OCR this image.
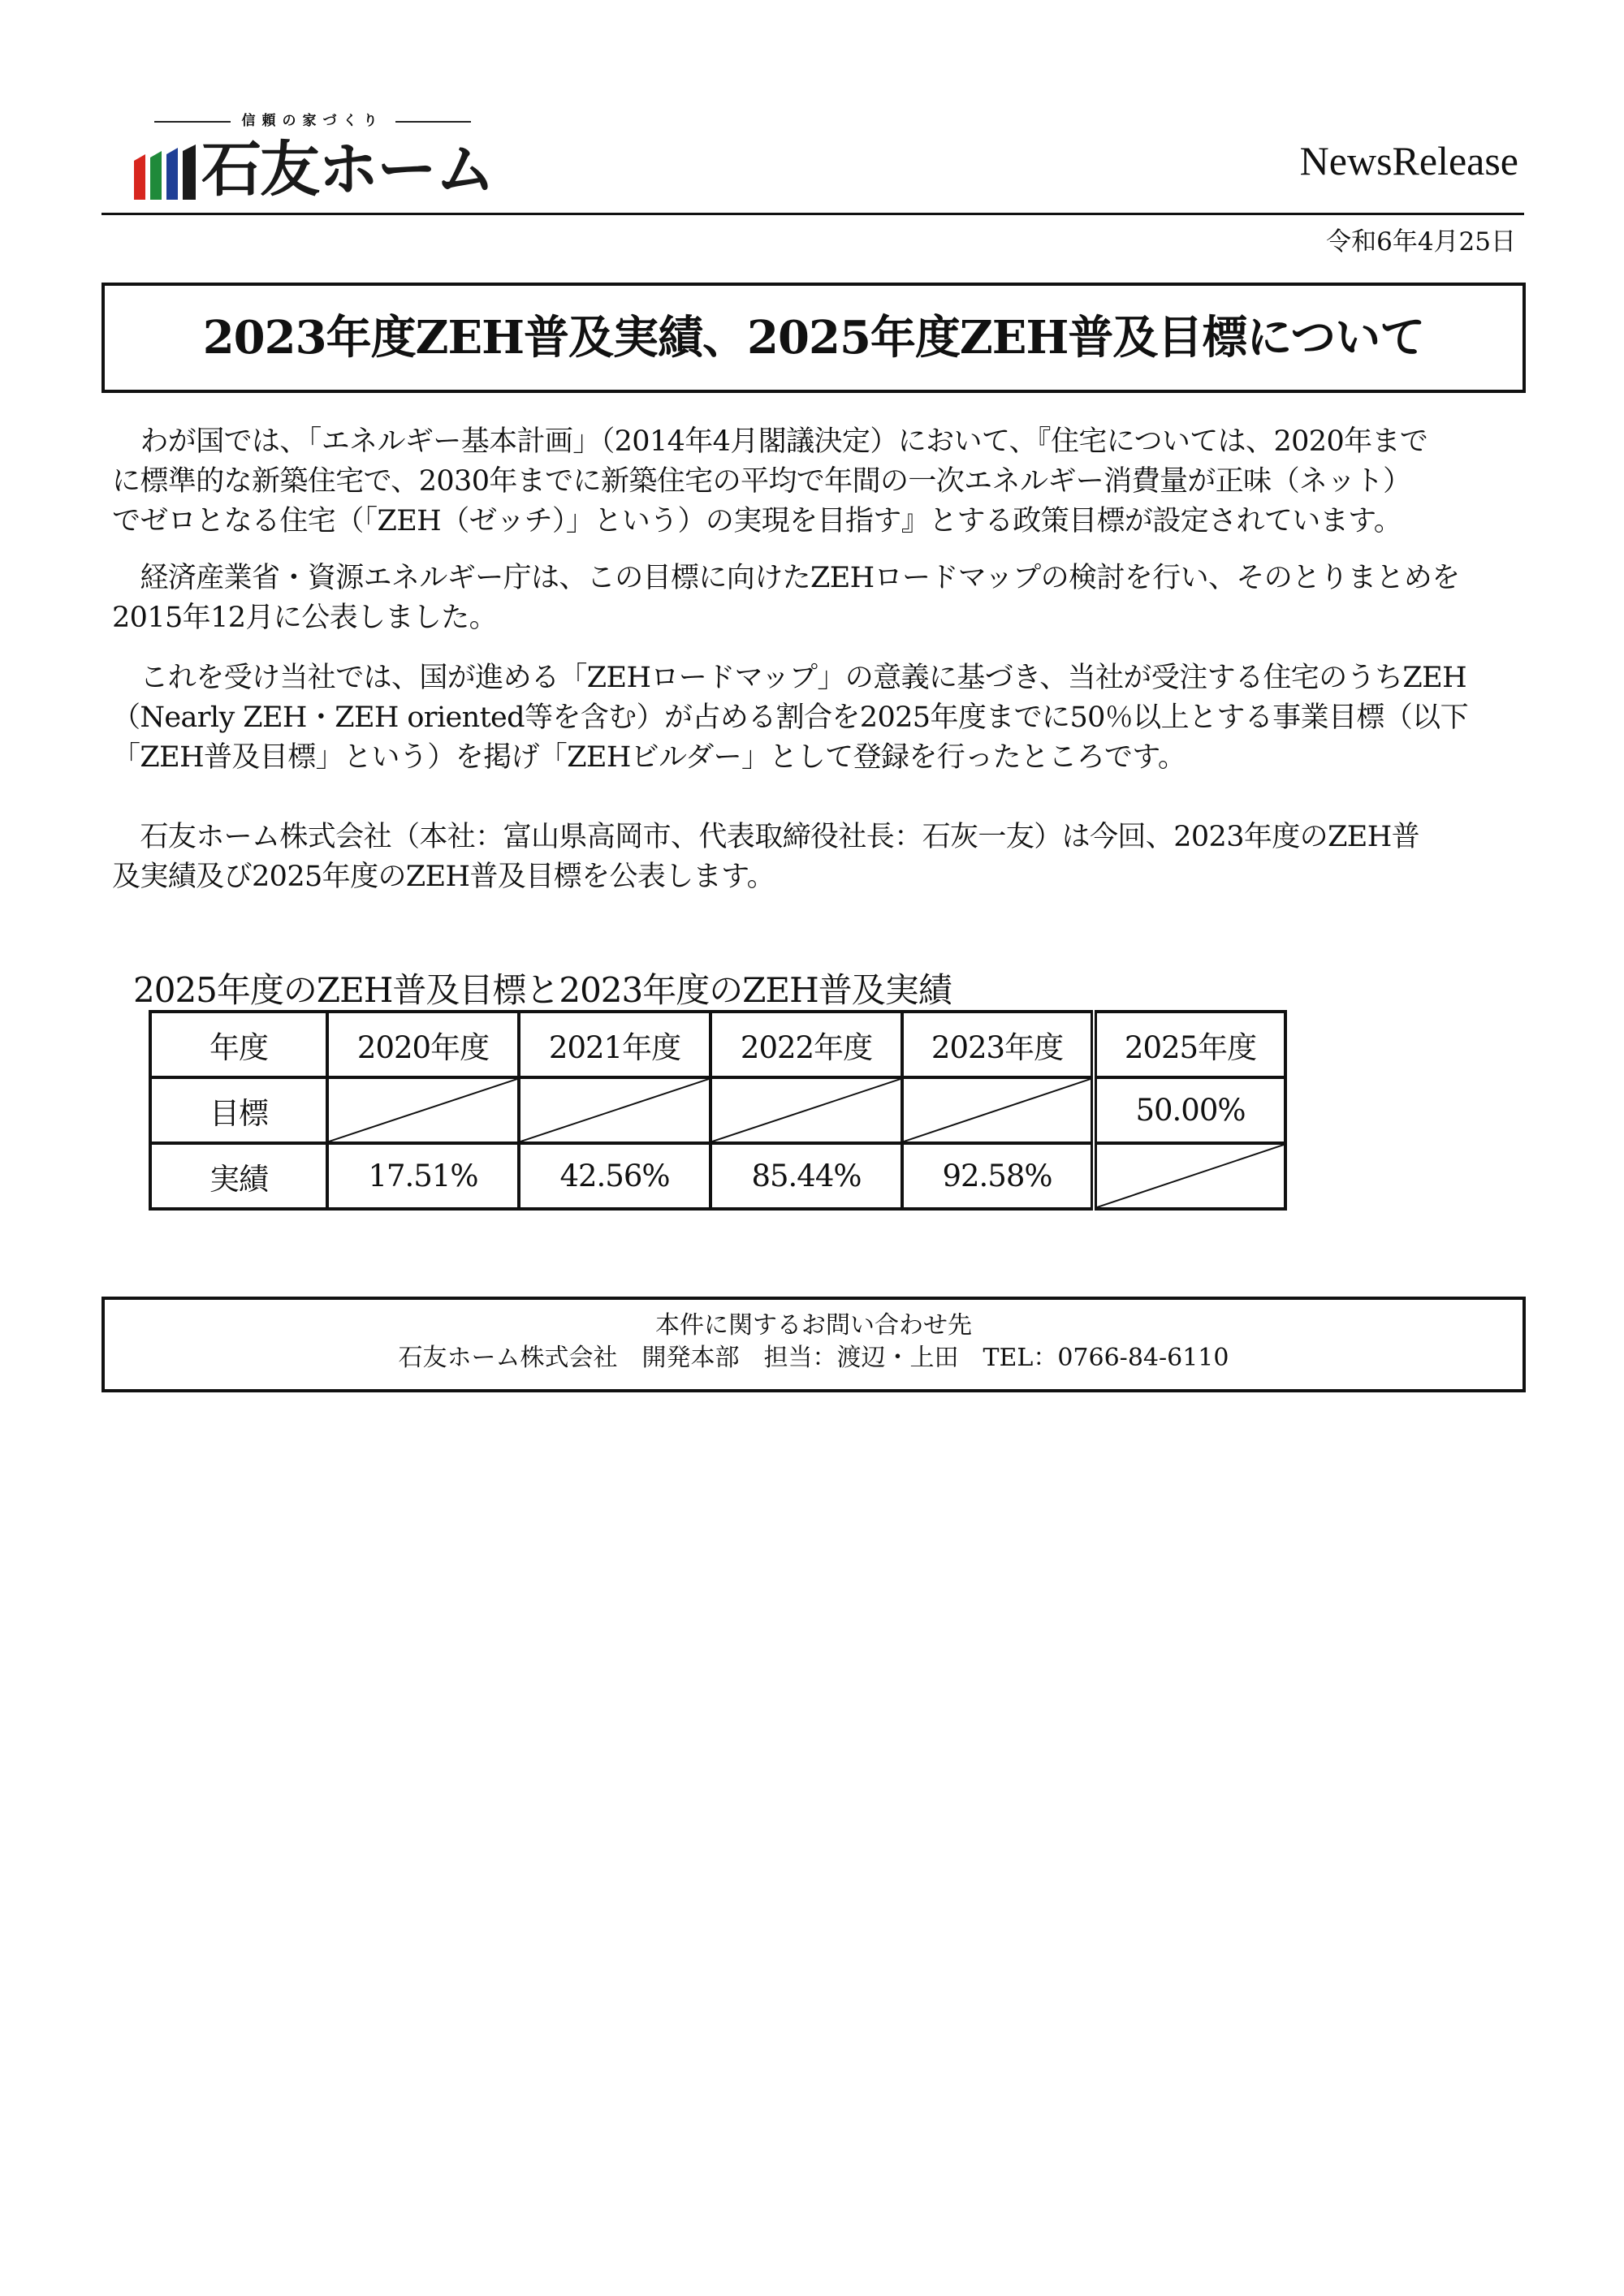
信頼の家づくり
石友ホーム	NewsRelease
令和6年4月25日
2023年度ZEH普及実績、2025年度ZEH普及目標について
　わが国では、「エネルギー基本計画」（2014年4月閣議決定）において、『住宅については、2020年まで
に標準的な新築住宅で、2030年までに新築住宅の平均で年間の一次エネルギー消費量が正味（ネット）
でゼロとなる住宅（「ZEH（ゼッチ）」という）の実現を目指す』とする政策目標が設定されています。
　経済産業省・資源エネルギー庁は、この目標に向けたZEHロードマップの検討を行い、そのとりまとめを
2015年12月に公表しました。
　これを受け当社では、国が進める「ZEHロードマップ」の意義に基づき、当社が受注する住宅のうちZEH
（Nearly ZEH・ZEH oriented等を含む）が占める割合を2025年度までに50％以上とする事業目標（以下
「ZEH普及目標」という）を掲げ「ZEHビルダー」として登録を行ったところです。
　石友ホーム株式会社（本社：富山県高岡市、代表取締役社長：石灰一友）は今回、2023年度のZEH普
及実績及び2025年度のZEH普及目標を公表します。
2025年度のZEH普及目標と2023年度のZEH普及実績
年度	2020年度	2021年度	2022年度	2023年度	2025年度
目標					50.00%
実績	17.51%	42.56%	85.44%	92.58%	
本件に関するお問い合わせ先
石友ホーム株式会社　開発本部　担当：渡辺・上田　TEL：0766-84-6110
